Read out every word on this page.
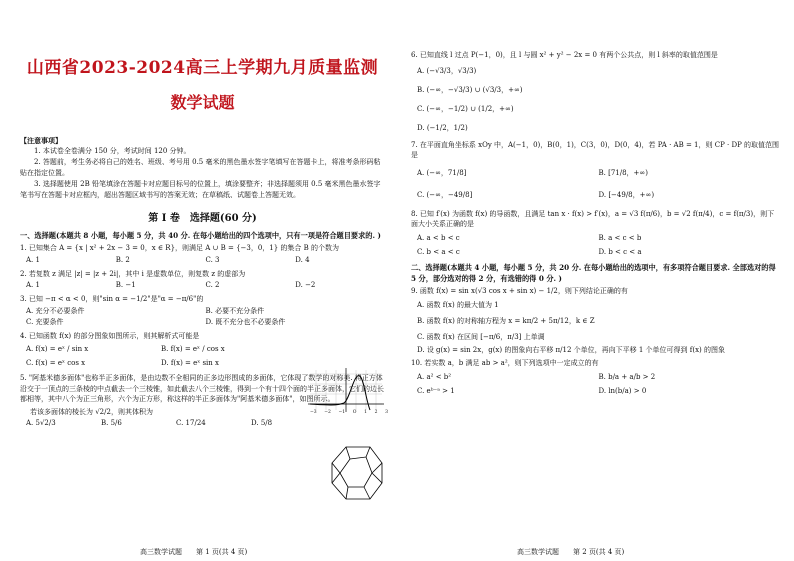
山西省2023-2024高三上学期九月质量监测
数学试题
【注意事项】
1. 本试卷全卷满分 150 分，考试时间 120 分钟。
2. 答题前，考生务必将自己的姓名、班级、考号用 0.5 毫米的黑色墨水签字笔填写在答题卡上，将准考条形码粘贴在指定位置。
3. 选择题使用 2B 铅笔填涂在答题卡对应题目标号的位置上，填涂要整齐；非选择题须用 0.5 毫米黑色墨水签字笔书写在答题卡对应框内，超出答题区域书写的答案无效；在草稿纸、试题卷上答题无效。
第 I 卷　选择题(60 分)
一、选择题(本题共 8 小题，每小题 5 分，共 40 分. 在每小题给出的四个选项中，只有一项是符合题目要求的. )
1. 已知集合 A = {x | x² + 2x − 3 = 0，x ∈ R}，则满足 A ∪ B = {−3，0，1} 的集合 B 的个数为
A. 1	B. 2	C. 3	D. 4
2. 若复数 z 满足 |z| = |z + 2i|，其中 i 是虚数单位，则复数 z 的虚部为
A. 1	B. −1	C. 2	D. −2
3. 已知 −π < α < 0，则"sin α = −1/2"是"α = −π/6"的
A. 充分不必要条件	B. 必要不充分条件
C. 充要条件	D. 既不充分也不必要条件
4. 已知函数 f(x) 的部分图象如图所示，则其解析式可能是
A. f(x) = eˣ / sin x	B. f(x) = eˣ / cos x
C. f(x) = eˣ cos x	D. f(x) = eˣ sin x
5. "阿基米德多面体"也称半正多面体，是由边数不全相同的正多边形围成的多面体，它体现了数学的对称美. 将正方体沿交于一顶点的三条棱的中点截去一个三棱锥，如此截去八个三棱锥，得到一个有十四个面的半正多面体，它们的边长都相等，其中八个为正三角形，六个为正方形，称这样的半正多面体为"阿基米德多面体"，如图所示。
若该多面体的棱长为 √2/2，则其体积为
A. 5√2/3	B. 5/6	C. 17/24	D. 5/8
−3 −2 −1 O 1 2 3
高三数学试题　　第 1 页(共 4 页)
6. 已知直线 l 过点 P(−1，0)，且 l 与圆 x² + y² − 2x = 0 有两个公共点，则 l 斜率的取值范围是
A. (−√3/3，√3/3)
B. (−∞，−√3/3) ∪ (√3/3，+∞)
C. (−∞，−1/2) ∪ (1/2，+∞)
D. (−1/2，1/2)
7. 在平面直角坐标系 xOy 中，A(−1，0)，B(0，1)，C(3，0)，D(0，4)，若 PA · AB = 1，则 CP · DP 的取值范围是
A. (−∞，71/8]	B. [71/8，+∞)
C. (−∞，−49/8]	D. [−49/8，+∞)
8. 已知 f′(x) 为函数 f(x) 的导函数，且满足 tan x · f(x) > f′(x)，a = √3 f(π/6)，b = √2 f(π/4)，c = f(π/3)，则下面大小关系正确的是
A. a < b < c	B. a < c < b
C. b < a < c	D. b < c < a
二、选择题(本题共 4 小题，每小题 5 分，共 20 分. 在每小题给出的选项中，有多项符合题目要求. 全部选对的得 5 分，部分选对的得 2 分，有选错的得 0 分. )
9. 函数 f(x) = sin x(√3 cos x + sin x) − 1/2，则下列结论正确的有
A. 函数 f(x) 的最大值为 1
B. 函数 f(x) 的对称轴方程为 x = kπ/2 + 5π/12，k ∈ Z
C. 函数 f(x) 在区间 [−π/6，π/3] 上单调
D. 设 g(x) = sin 2x，g(x) 的图象向右平移 π/12 个单位，再向下平移 1 个单位可得到 f(x) 的图象
10. 若实数 a，b 满足 ab > a²，则下列选项中一定成立的有
A. a² < b²	B. b/a + a/b > 2
C. eᵇ⁻ᵃ > 1	D. ln(b/a) > 0
高三数学试题　　第 2 页(共 4 页)
